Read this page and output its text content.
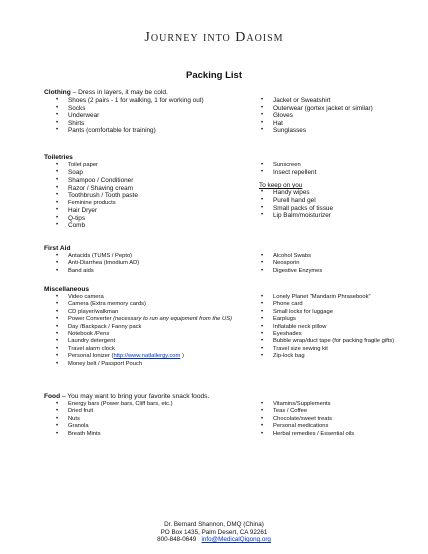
Journey into Daoism
Packing List
Clothing – Dress in layers, it may be cold.
• Shoes (2 pairs - 1 for walking, 1 for working out)
• Socks
• Underwear
• Shirts
• Pants (comfortable for training)
• Jacket or Sweatshirt
• Outerwear (gortex jacket or similar)
• Gloves
• Hat
• Sunglasses
Toiletries
• Toilet paper
• Soap
• Shampoo / Conditioner
• Razor / Shaving cream
• Toothbrush / Tooth paste
• Feminine products
• Hair Dryer
• Q-tips
• Comb
• Sunscreen
• Insect repellent
To keep on you
• Handy wipes
• Purell hand gel
• Small packs of tissue
• Lip Balm/moisturizer
First Aid
• Antacids (TUMS / Pepto)
• Anti-Diarrhea (Imodium AD)
• Band aids
• Alcohol Swabs
• Neosporin
• Digestive Enzymes
Miscellaneous
• Video camera
• Camera (Extra memory cards)
• CD player/walkman
• Power Converter (necessary to run any equipment from the US)
• Day /Backpack / Fanny pack
• Notebook /Pens
• Laundry detergent
• Travel alarm clock
• Personal Ionizer (http://www.natlallergy.com )
• Money belt / Passport Pouch
• Lonely Planet "Mandarin Phrasebook"
• Phone card
• Small locks for luggage
• Earplugs
• Inflatable neck pillow
• Eyeshades
• Bubble wrap/duct tape (for packing fragile gifts)
• Travel size sewing kit
• Zip-lock bag
Food – You may want to bring your favorite snack foods.
• Energy bars (Power bars, Cliff bars, etc.)
• Dried fruit
• Nuts
• Granola
• Breath Mints
• Vitamins/Supplements
• Teas / Coffee
• Chocolate/sweet treats
• Personal medications
• Herbal remedies / Essential oils
Dr. Bernard Shannon, DMQ (China)
PO Box 1435, Palm Desert, CA 92261
800-848-0649 info@MedicalQigong.org
